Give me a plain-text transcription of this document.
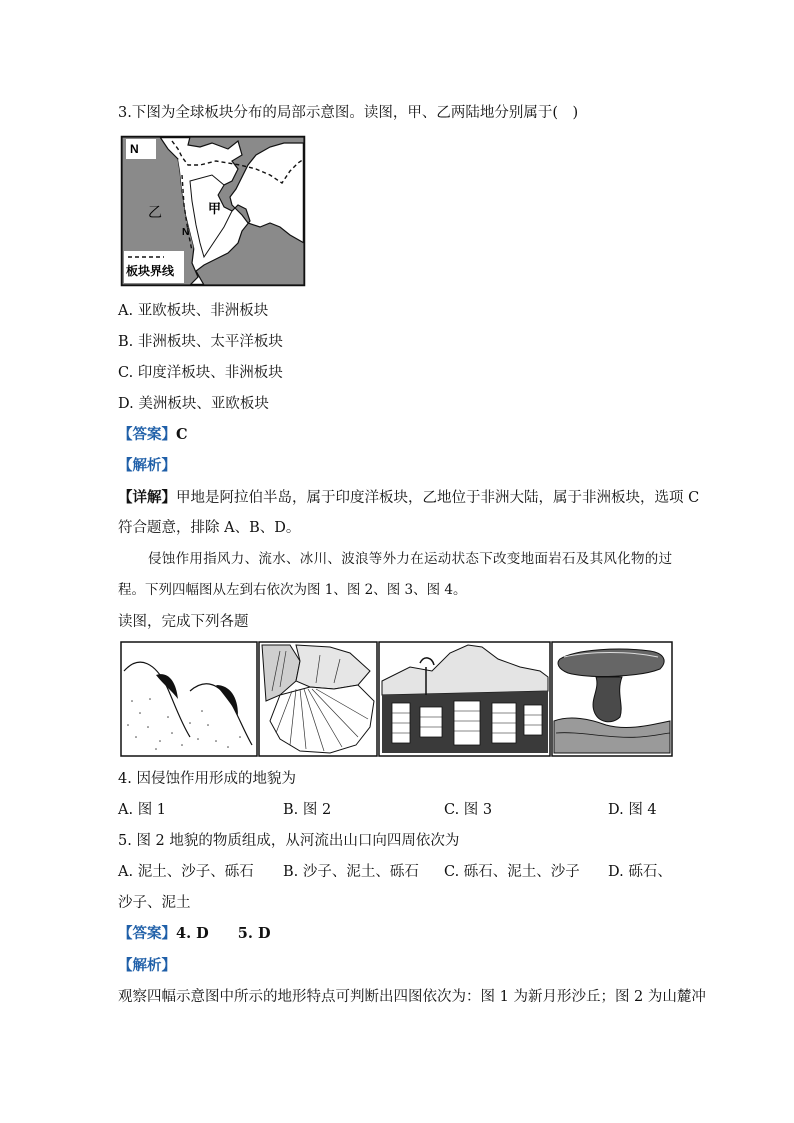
3.下图为全球板块分布的局部示意图。读图，甲、乙两陆地分别属于(　)
N
乙	甲
N
板块界线
A. 亚欧板块、非洲板块
B. 非洲板块、太平洋板块
C. 印度洋板块、非洲板块
D. 美洲板块、亚欧板块
【答案】C
【解析】
【详解】甲地是阿拉伯半岛，属于印度洋板块，乙地位于非洲大陆，属于非洲板块，选项 C
符合题意，排除 A、B、D。
侵蚀作用指风力、流水、冰川、波浪等外力在运动状态下改变地面岩石及其风化物的过
程。下列四幅图从左到右依次为图 1、图 2、图 3、图 4。
读图，完成下列各题
4. 因侵蚀作用形成的地貌为
A. 图 1	B. 图 2	C. 图 3	D. 图 4
5. 图 2 地貌的物质组成，从河流出山口向四周依次为
A. 泥土、沙子、砾石 B. 沙子、泥土、砾石 C. 砾石、泥土、沙子 D. 砾石、
沙子、泥土
【答案】4. D　　5. D
【解析】
观察四幅示意图中所示的地形特点可判断出四图依次为：图 1 为新月形沙丘；图 2 为山麓冲
